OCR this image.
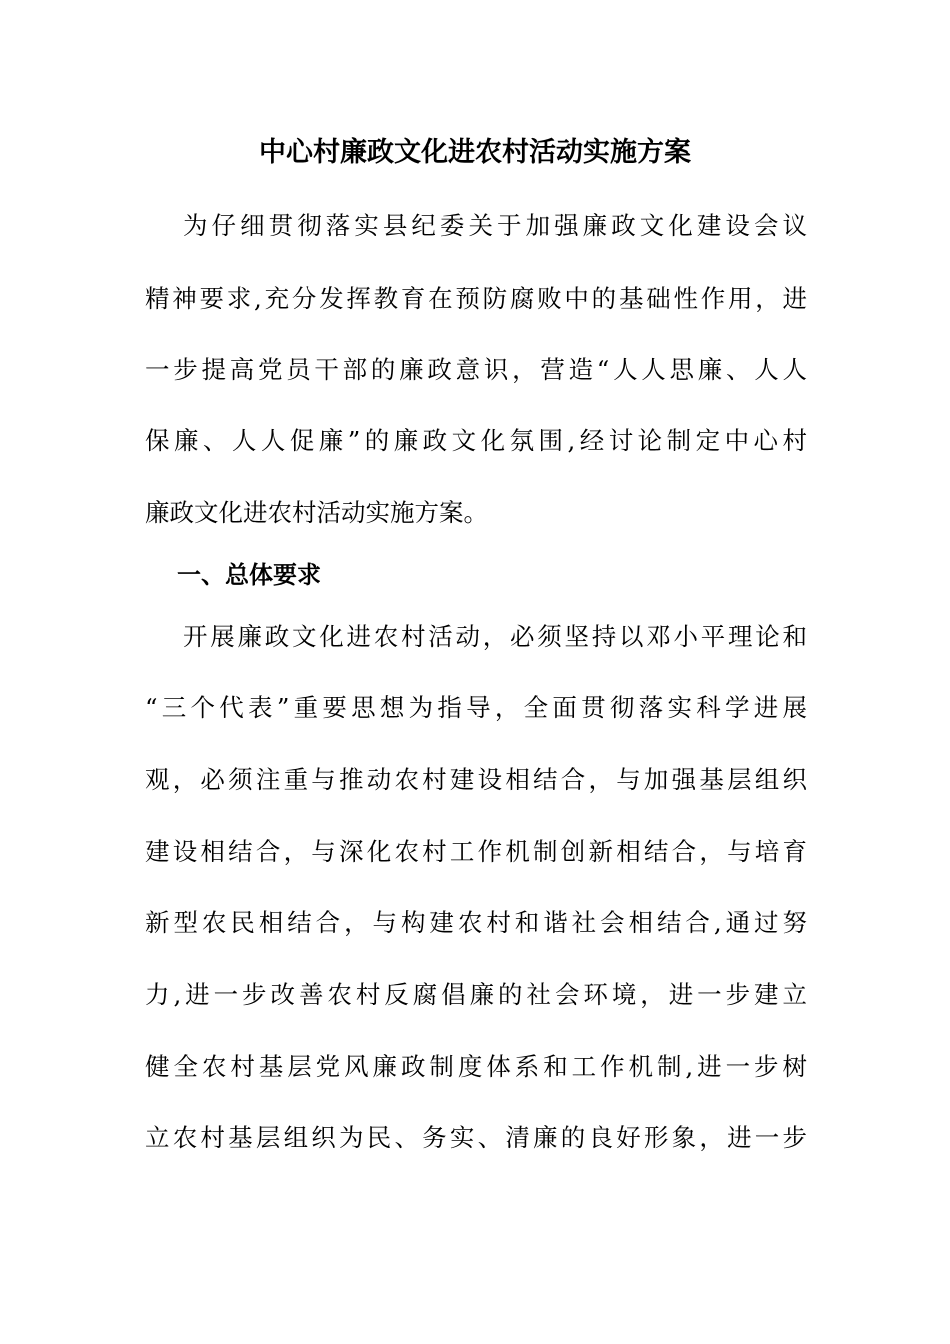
中心村廉政文化进农村活动实施方案
为仔细贯彻落实县纪委关于加强廉政文化建设会议
精神要求,充分发挥教育在预防腐败中的基础性作用，进
一步提高党员干部的廉政意识，营造“人人思廉、人人
保廉、人人促廉”的廉政文化氛围,经讨论制定中心村
廉政文化进农村活动实施方案。
一、总体要求
开展廉政文化进农村活动，必须坚持以邓小平理论和
“三个代表”重要思想为指导，全面贯彻落实科学进展
观，必须注重与推动农村建设相结合，与加强基层组织
建设相结合，与深化农村工作机制创新相结合，与培育
新型农民相结合，与构建农村和谐社会相结合,通过努
力,进一步改善农村反腐倡廉的社会环境，进一步建立
健全农村基层党风廉政制度体系和工作机制,进一步树
立农村基层组织为民、务实、清廉的良好形象，进一步
